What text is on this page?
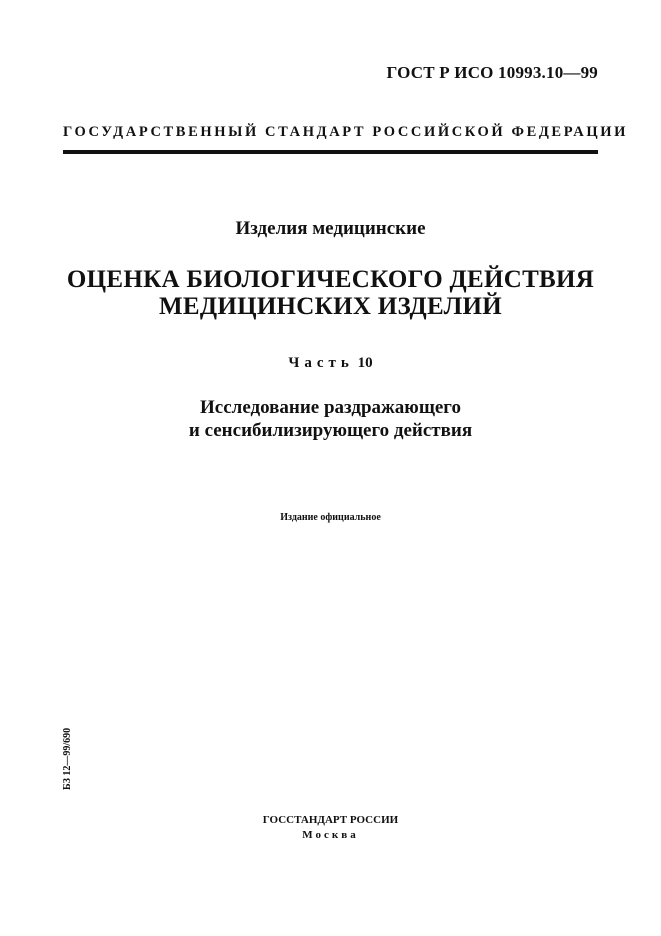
ГОСТ Р ИСО 10993.10—99
ГОСУДАРСТВЕННЫЙ СТАНДАРТ РОССИЙСКОЙ ФЕДЕРАЦИИ
Изделия медицинские
ОЦЕНКА БИОЛОГИЧЕСКОГО ДЕЙСТВИЯ
МЕДИЦИНСКИХ ИЗДЕЛИЙ
Часть 10
Исследование раздражающего
и сенсибилизирующего действия
Издание официальное
БЗ 12—99/690
ГОССТАНДАРТ РОССИИ
Москва
